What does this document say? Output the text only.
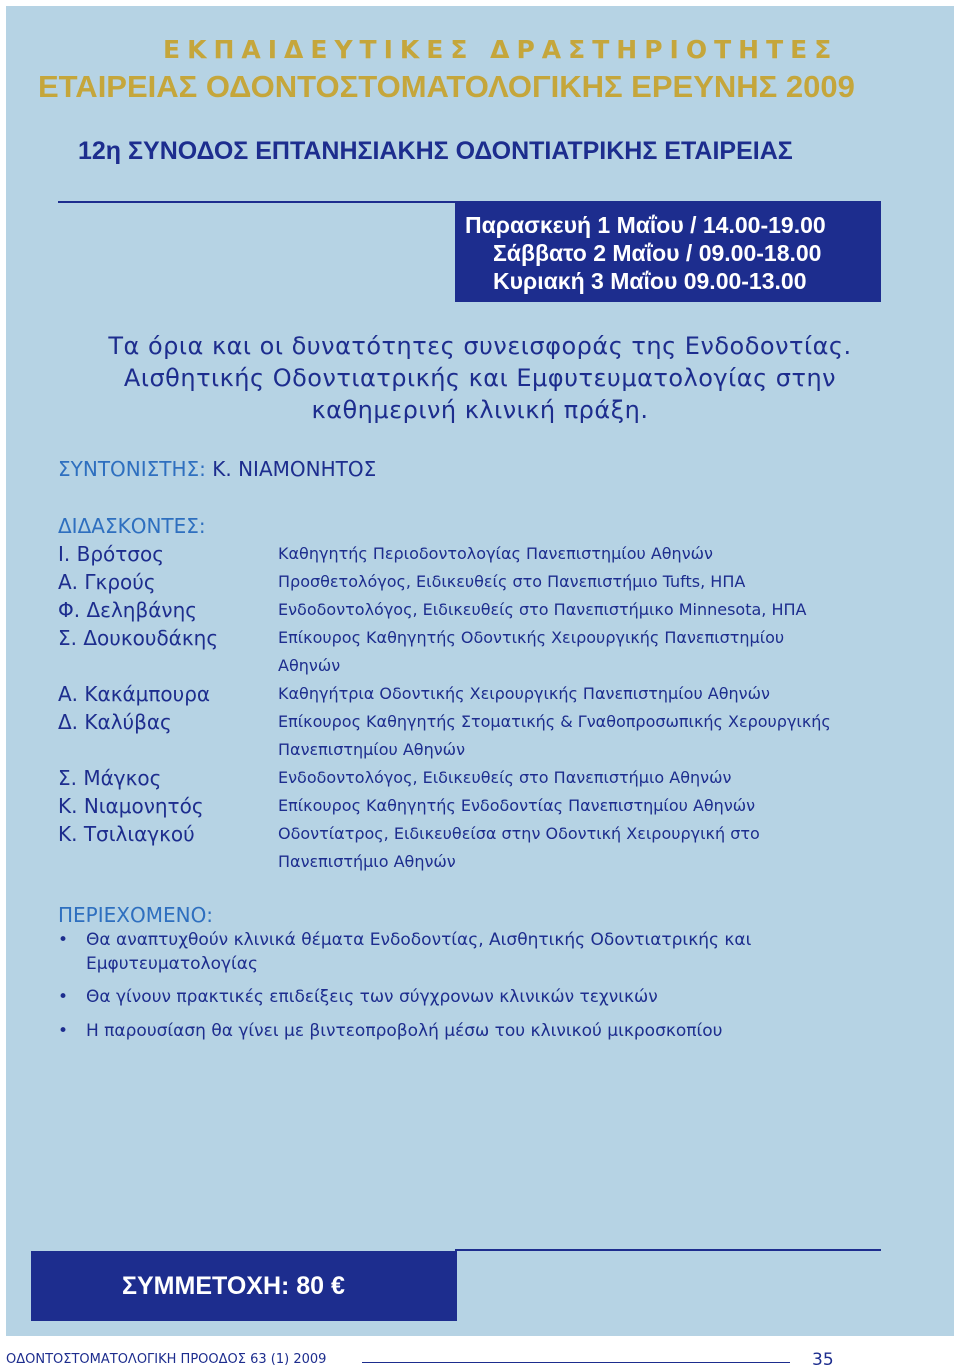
ΕΚΠΑΙΔΕΥΤΙΚΕΣ ΔΡΑΣΤΗΡΙΟΤΗΤΕΣ
ΕΤΑΙΡΕΙΑΣ ΟΔΟΝΤΟΣΤΟΜΑΤΟΛΟΓΙΚΗΣ ΕΡΕΥΝΗΣ 2009
12η ΣΥΝΟΔΟΣ ΕΠΤΑΝΗΣΙΑΚΗΣ ΟΔΟΝΤΙΑΤΡΙΚΗΣ ΕΤΑΙΡΕΙΑΣ
Παρασκευή 1 Μαΐου / 14.00-19.00
Σάββατο 2 Μαΐου / 09.00-18.00
Κυριακή 3 Μαΐου 09.00-13.00
Τα όρια και οι δυνατότητες συνεισφοράς της Ενδοδοντίας.
Αισθητικής Οδοντιατρικής και Εμφυτευματολογίας στην
καθημερινή κλινική πράξη.
ΣΥΝΤΟΝΙΣΤΗΣ: Κ. ΝΙΑΜΟΝΗΤΟΣ
ΔΙΔΑΣΚΟΝΤΕΣ:
Ι. Βρότσος
Α. Γκρούς
Φ. Δεληβάνης
Σ. Δουκουδάκης
Α. Κακάμπουρα
Δ. Καλύβας
Σ. Μάγκος
Κ. Νιαμονητός
Κ. Τσιλιαγκού
Καθηγητής Περιοδοντολογίας Πανεπιστημίου Αθηνών
Προσθετολόγος, Ειδικευθείς στο Πανεπιστήμιο Tufts, ΗΠΑ
Ενδοδοντολόγος, Ειδικευθείς στο Πανεπιστήμικο Minnesota, ΗΠΑ
Επίκουρος Καθηγητής Οδοντικής Χειρουργικής Πανεπιστημίου
Αθηνών
Καθηγήτρια Οδοντικής Χειρουργικής Πανεπιστημίου Αθηνών
Επίκουρος Καθηγητής Στοματικής & Γναθοπροσωπικής Χερουργικής
Πανεπιστημίου Αθηνών
Ενδοδοντολόγος, Ειδικευθείς στο Πανεπιστήμιο Αθηνών
Επίκουρος Καθηγητής Ενδοδοντίας Πανεπιστημίου Αθηνών
Οδοντίατρος, Ειδικευθείσα στην Οδοντική Χειρουργική στο
Πανεπιστήμιο Αθηνών
ΠΕΡΙΕΧΟΜΕΝΟ:
• Θα αναπτυχθούν κλινικά θέματα Ενδοδοντίας, Αισθητικής Οδοντιατρικής και Εμφυτευματολογίας
• Θα γίνουν πρακτικές επιδείξεις των σύγχρονων κλινικών τεχνικών
• Η παρουσίαση θα γίνει με βιντεοπροβολή μέσω του κλινικού μικροσκοπίου
ΣΥΜΜΕΤΟΧΗ: 80 €
ΟΔΟΝΤΟΣΤΟΜΑΤΟΛΟΓΙΚΗ ΠΡΟΟΔΟΣ 63 (1) 2009	35
